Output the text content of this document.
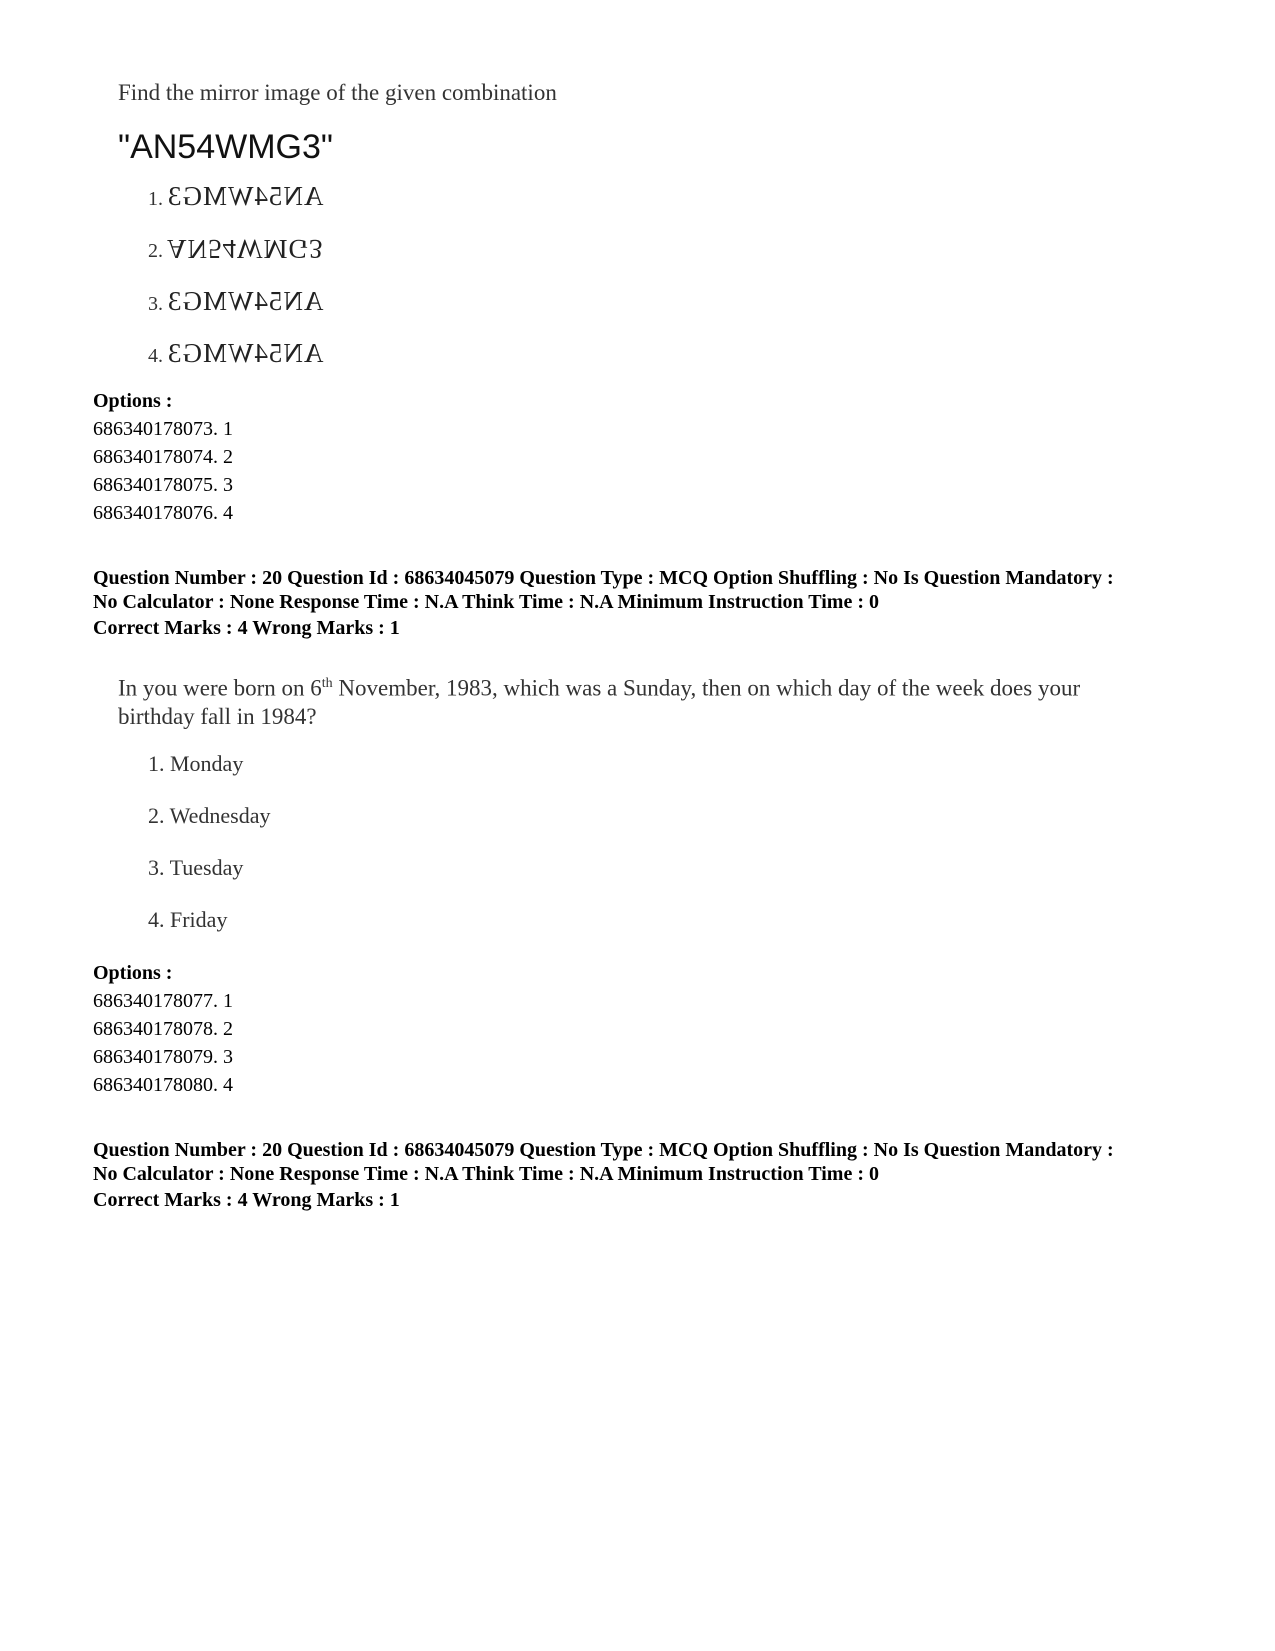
Find the mirror image of the given combination
"AN54WMG3"
1. AN54WMG3
2. AN54WMG3
3. AN54WMG3
4. AN54WMG3
Options :
686340178073. 1
686340178074. 2
686340178075. 3
686340178076. 4
Question Number : 20 Question Id : 68634045079 Question Type : MCQ Option Shuffling : No Is Question Mandatory :
No Calculator : None Response Time : N.A Think Time : N.A Minimum Instruction Time : 0
Correct Marks : 4 Wrong Marks : 1
In you were born on 6th November, 1983, which was a Sunday, then on which day of the week does your
birthday fall in 1984?
1. Monday
2. Wednesday
3. Tuesday
4. Friday
Options :
686340178077. 1
686340178078. 2
686340178079. 3
686340178080. 4
Question Number : 20 Question Id : 68634045079 Question Type : MCQ Option Shuffling : No Is Question Mandatory :
No Calculator : None Response Time : N.A Think Time : N.A Minimum Instruction Time : 0
Correct Marks : 4 Wrong Marks : 1
